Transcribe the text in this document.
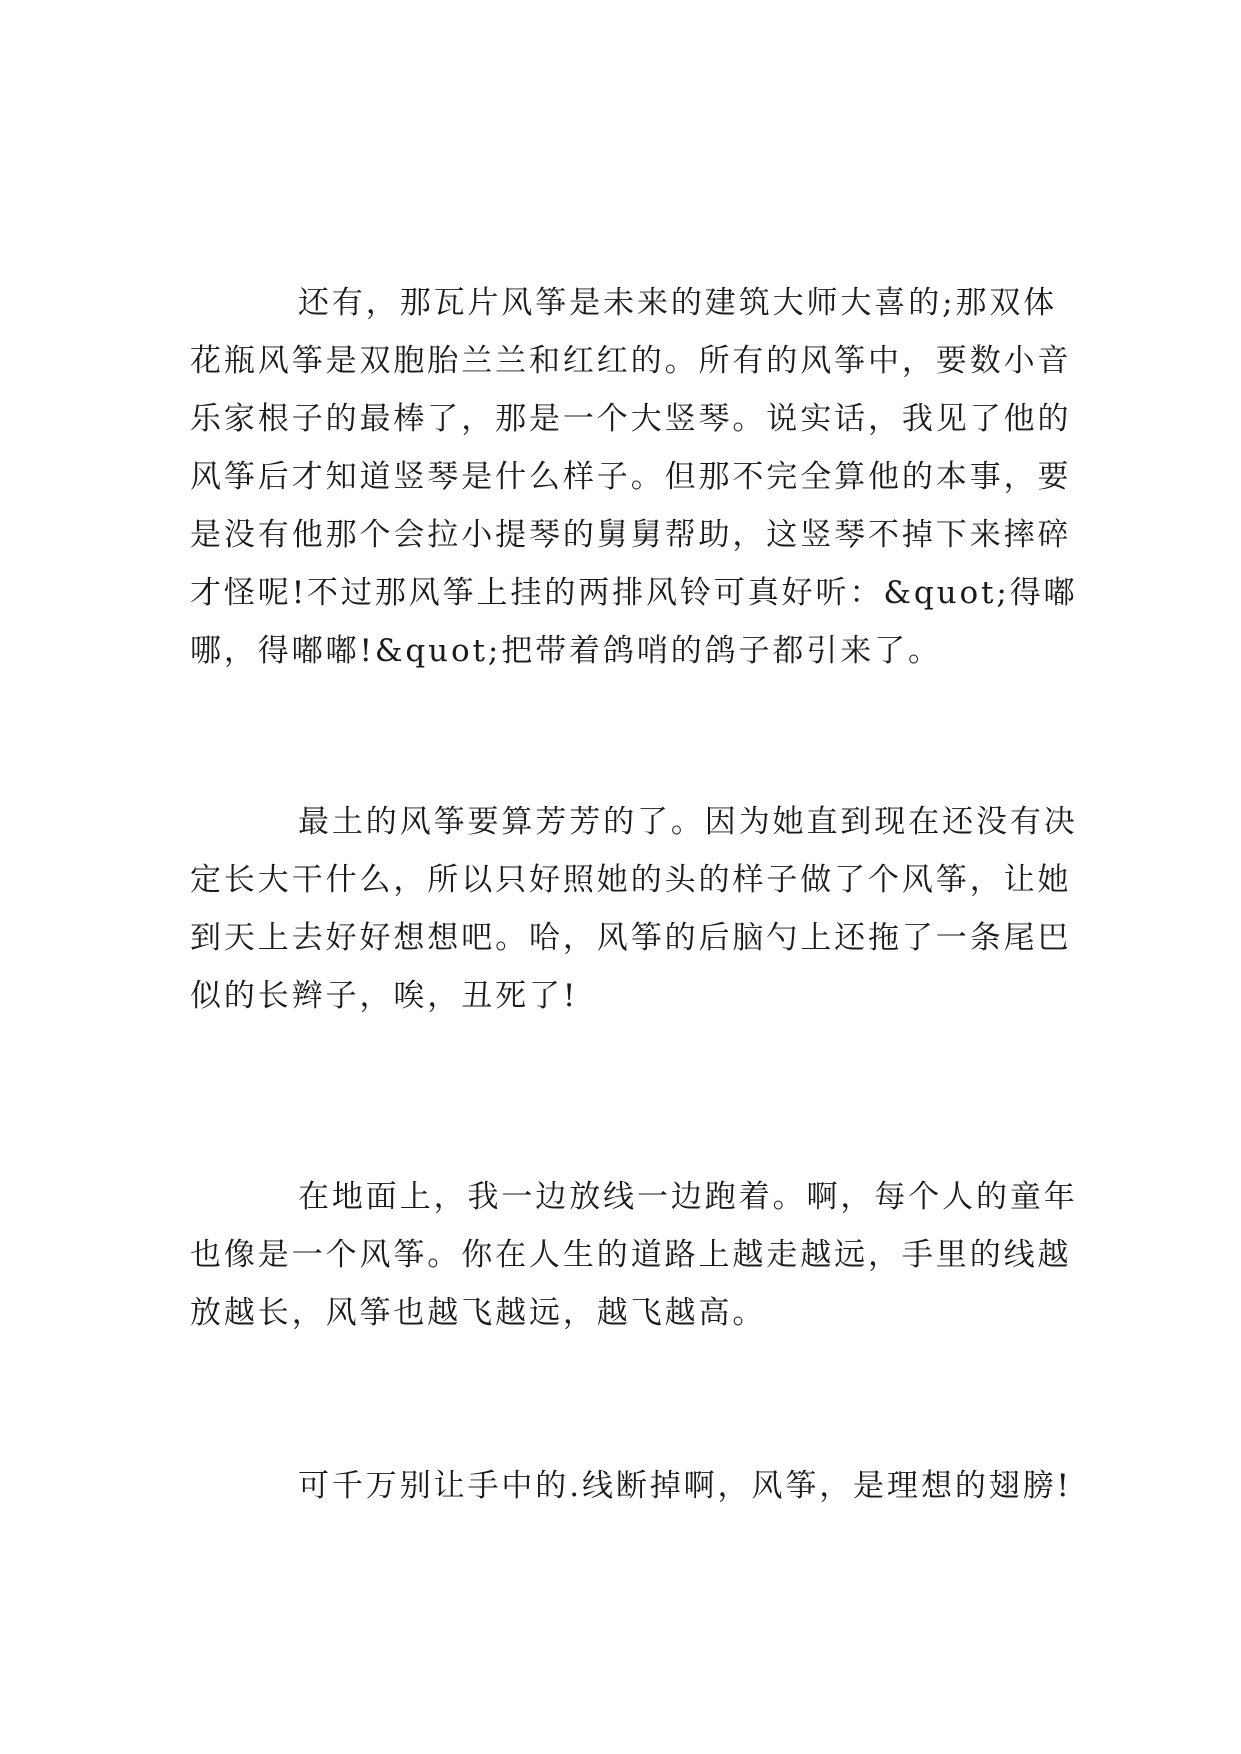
还有，那瓦片风筝是未来的建筑大师大喜的;那双体
花瓶风筝是双胞胎兰兰和红红的。所有的风筝中，要数小音
乐家根子的最棒了，那是一个大竖琴。说实话，我见了他的
风筝后才知道竖琴是什么样子。但那不完全算他的本事，要
是没有他那个会拉小提琴的舅舅帮助，这竖琴不掉下来摔碎
才怪呢!不过那风筝上挂的两排风铃可真好听：&quot;得嘟
哪，得嘟嘟!&quot;把带着鸽哨的鸽子都引来了。
最土的风筝要算芳芳的了。因为她直到现在还没有决
定长大干什么，所以只好照她的头的样子做了个风筝，让她
到天上去好好想想吧。哈，风筝的后脑勺上还拖了一条尾巴
似的长辫子，唉，丑死了!
在地面上，我一边放线一边跑着。啊，每个人的童年
也像是一个风筝。你在人生的道路上越走越远，手里的线越
放越长，风筝也越飞越远，越飞越高。
可千万别让手中的.线断掉啊，风筝，是理想的翅膀!
